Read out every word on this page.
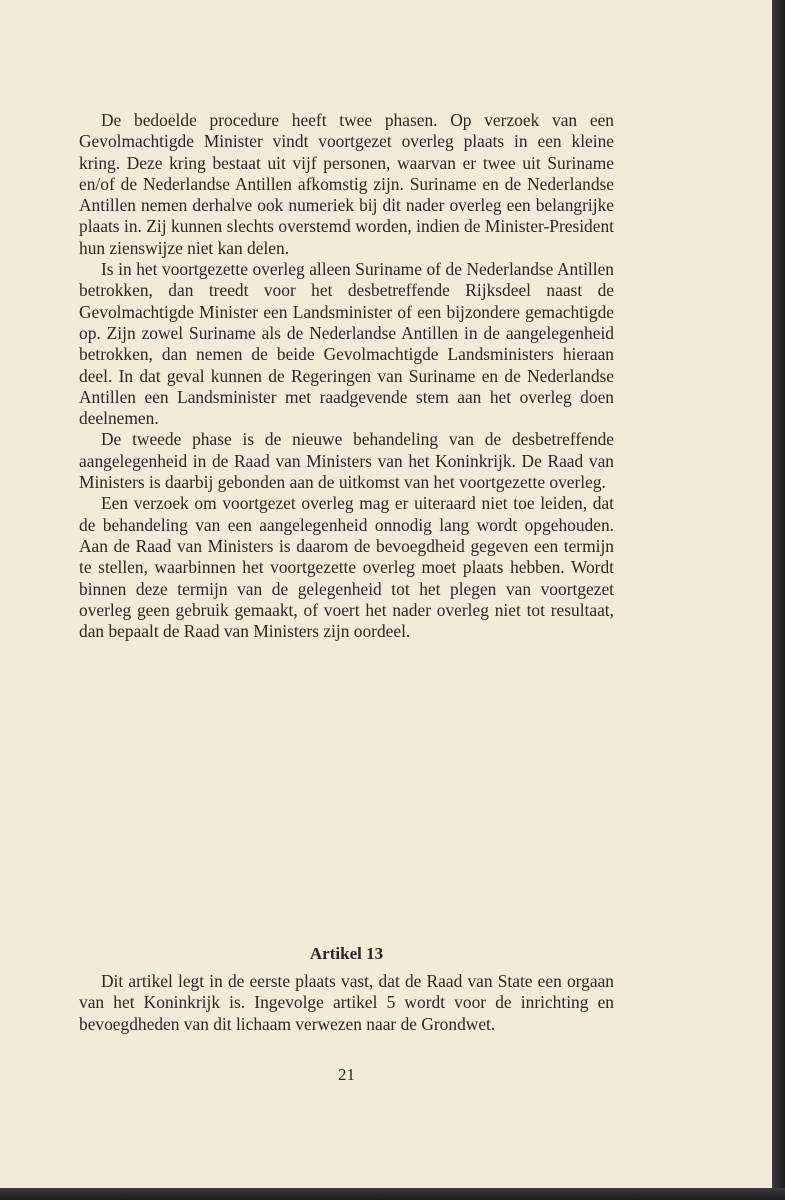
De bedoelde procedure heeft twee phasen. Op verzoek van een Gevolmachtigde Minister vindt voortgezet overleg plaats in een kleine kring. Deze kring bestaat uit vijf personen, waarvan er twee uit Suriname en/of de Nederlandse Antillen afkomstig zijn. Suriname en de Nederlandse Antillen nemen derhalve ook numeriek bij dit nader overleg een belangrijke plaats in. Zij kunnen slechts overstemd worden, indien de Minister-President hun zienswijze niet kan delen.

Is in het voortgezette overleg alleen Suriname of de Nederlandse Antillen betrokken, dan treedt voor het desbetreffende Rijksdeel naast de Gevolmachtigde Minister een Landsminister of een bijzondere gemachtigde op. Zijn zowel Suriname als de Nederlandse Antillen in de aangelegenheid betrokken, dan nemen de beide Gevolmachtigde Landsministers hieraan deel. In dat geval kunnen de Regeringen van Suriname en de Nederlandse Antillen een Landsminister met raadgevende stem aan het overleg doen deelnemen.

De tweede phase is de nieuwe behandeling van de desbetreffende aangelegenheid in de Raad van Ministers van het Koninkrijk. De Raad van Ministers is daarbij gebonden aan de uitkomst van het voortgezette overleg.

Een verzoek om voortgezet overleg mag er uiteraard niet toe leiden, dat de behandeling van een aangelegenheid onnodig lang wordt opgehouden. Aan de Raad van Ministers is daarom de bevoegdheid gegeven een termijn te stellen, waarbinnen het voortgezette overleg moet plaats hebben. Wordt binnen deze termijn van de gelegenheid tot het plegen van voortgezet overleg geen gebruik gemaakt, of voert het nader overleg niet tot resultaat, dan bepaalt de Raad van Ministers zijn oordeel.

Artikel 13

Dit artikel legt in de eerste plaats vast, dat de Raad van State een orgaan van het Koninkrijk is. Ingevolge artikel 5 wordt voor de inrichting en bevoegdheden van dit lichaam verwezen naar de Grondwet.

21
